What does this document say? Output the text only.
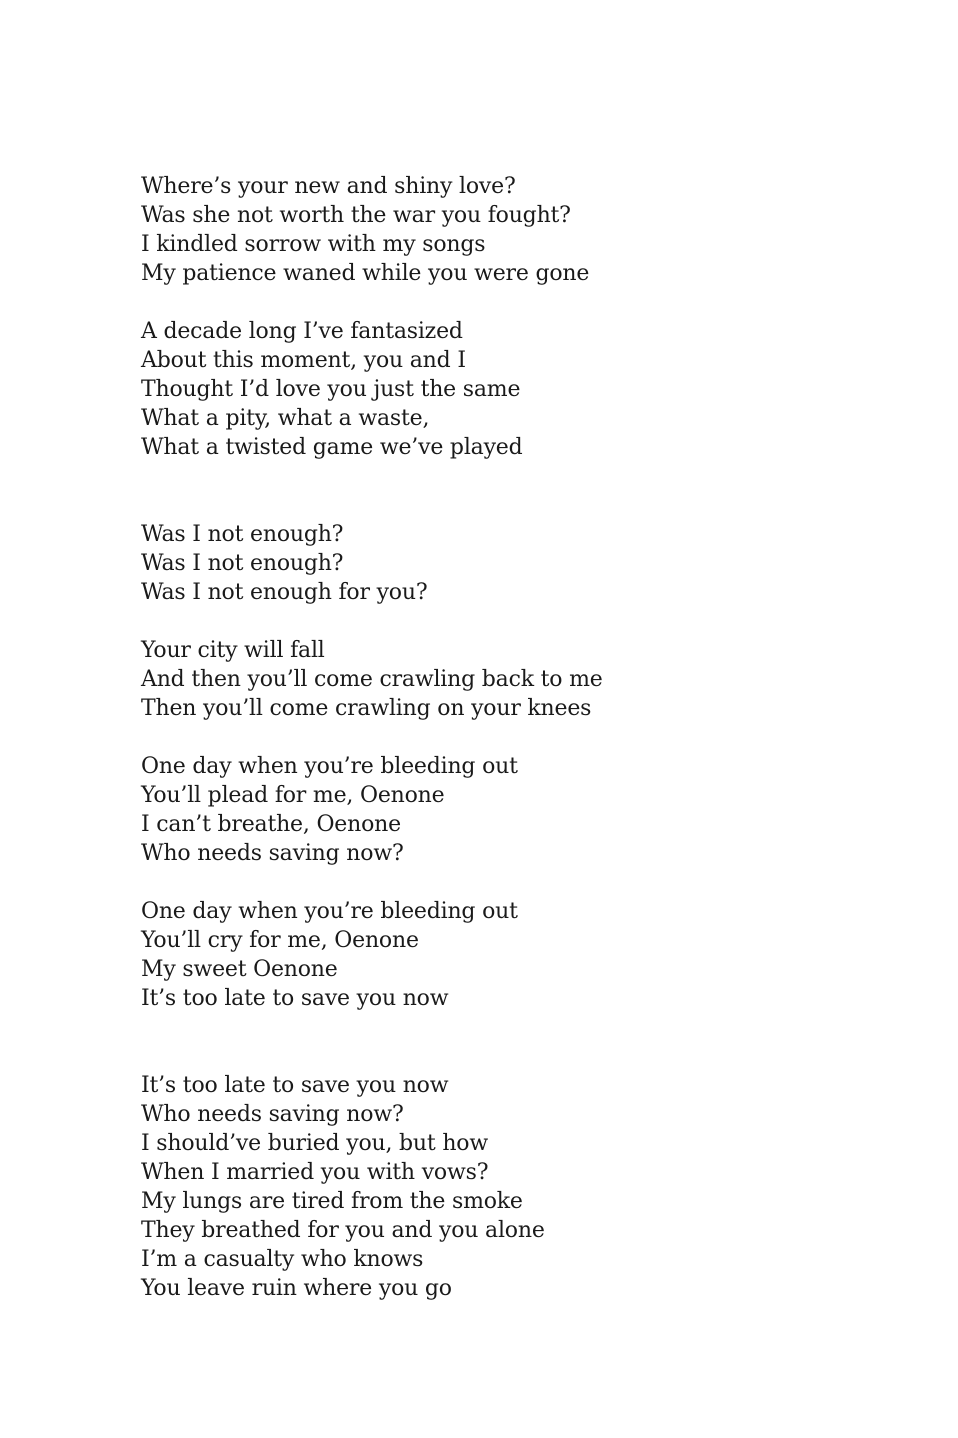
Where’s your new and shiny love?
Was she not worth the war you fought?
I kindled sorrow with my songs
My patience waned while you were gone
A decade long I’ve fantasized
About this moment, you and I
Thought I’d love you just the same
What a pity, what a waste,
What a twisted game we’ve played
Was I not enough?
Was I not enough?
Was I not enough for you?
Your city will fall
And then you’ll come crawling back to me
Then you’ll come crawling on your knees
One day when you’re bleeding out
You’ll plead for me, Oenone
I can’t breathe, Oenone
Who needs saving now?
One day when you’re bleeding out
You’ll cry for me, Oenone
My sweet Oenone
It’s too late to save you now
It’s too late to save you now
Who needs saving now?
I should’ve buried you, but how
When I married you with vows?
My lungs are tired from the smoke
They breathed for you and you alone
I’m a casualty who knows
You leave ruin where you go
